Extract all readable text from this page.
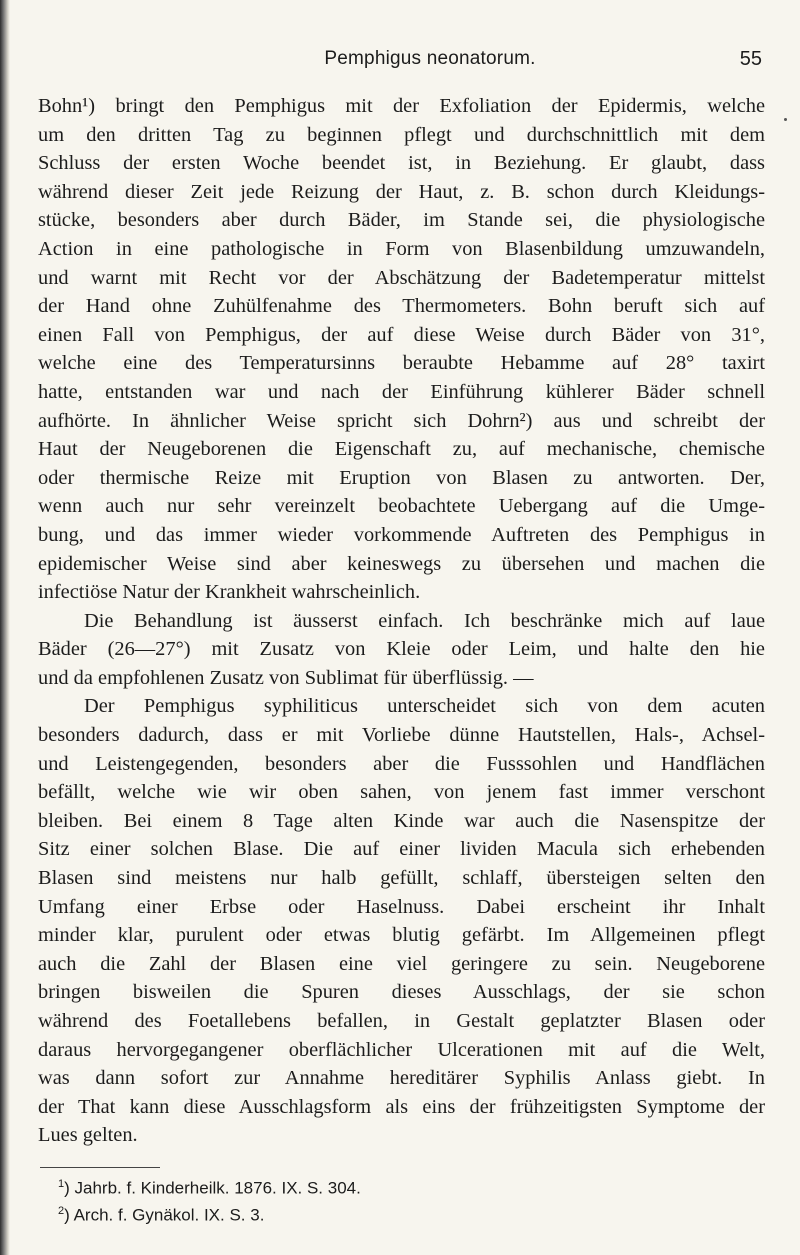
Pemphigus neonatorum.	55
Bohn¹) bringt den Pemphigus mit der Exfoliation der Epidermis, welche
um den dritten Tag zu beginnen pflegt und durchschnittlich mit dem
Schluss der ersten Woche beendet ist, in Beziehung. Er glaubt, dass
während dieser Zeit jede Reizung der Haut, z. B. schon durch Kleidungs-
stücke, besonders aber durch Bäder, im Stande sei, die physiologische
Action in eine pathologische in Form von Blasenbildung umzuwandeln,
und warnt mit Recht vor der Abschätzung der Badetemperatur mittelst
der Hand ohne Zuhülfenahme des Thermometers. Bohn beruft sich auf
einen Fall von Pemphigus, der auf diese Weise durch Bäder von 31°,
welche eine des Temperatursinns beraubte Hebamme auf 28° taxirt
hatte, entstanden war und nach der Einführung kühlerer Bäder schnell
aufhörte. In ähnlicher Weise spricht sich Dohrn²) aus und schreibt der
Haut der Neugeborenen die Eigenschaft zu, auf mechanische, chemische
oder thermische Reize mit Eruption von Blasen zu antworten. Der,
wenn auch nur sehr vereinzelt beobachtete Uebergang auf die Umge-
bung, und das immer wieder vorkommende Auftreten des Pemphigus in
epidemischer Weise sind aber keineswegs zu übersehen und machen die
infectiöse Natur der Krankheit wahrscheinlich.
Die Behandlung ist äusserst einfach. Ich beschränke mich auf laue
Bäder (26—27°) mit Zusatz von Kleie oder Leim, und halte den hie
und da empfohlenen Zusatz von Sublimat für überflüssig. —
Der Pemphigus syphiliticus unterscheidet sich von dem acuten
besonders dadurch, dass er mit Vorliebe dünne Hautstellen, Hals-, Achsel-
und Leistengegenden, besonders aber die Fusssohlen und Handflächen
befällt, welche wie wir oben sahen, von jenem fast immer verschont
bleiben. Bei einem 8 Tage alten Kinde war auch die Nasenspitze der
Sitz einer solchen Blase. Die auf einer lividen Macula sich erhebenden
Blasen sind meistens nur halb gefüllt, schlaff, übersteigen selten den
Umfang einer Erbse oder Haselnuss. Dabei erscheint ihr Inhalt
minder klar, purulent oder etwas blutig gefärbt. Im Allgemeinen pflegt
auch die Zahl der Blasen eine viel geringere zu sein. Neugeborene
bringen bisweilen die Spuren dieses Ausschlags, der sie schon
während des Foetallebens befallen, in Gestalt geplatzter Blasen oder
daraus hervorgegangener oberflächlicher Ulcerationen mit auf die Welt,
was dann sofort zur Annahme hereditärer Syphilis Anlass giebt. In
der That kann diese Ausschlagsform als eins der frühzeitigsten Symptome der
Lues gelten.
$^1$) Jahrb. f. Kinderheilk. 1876. IX. S. 304.
$^2$) Arch. f. Gynäkol. IX. S. 3.
